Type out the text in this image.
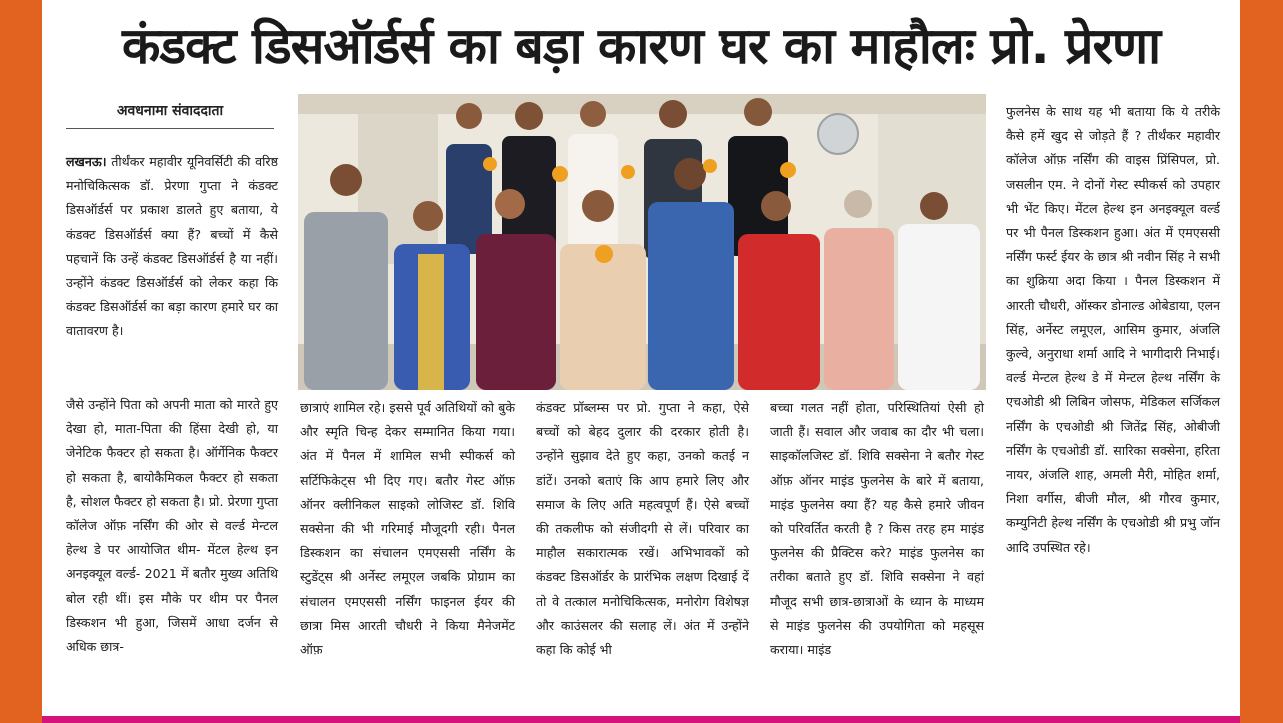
कंडक्ट डिसऑर्डर्स का बड़ा कारण घर का माहौलः प्रो. प्रेरणा
अवधनामा संवाददाता

लखनऊ। तीर्थंकर महावीर यूनिवर्सिटी की वरिष्ठ मनोचिकित्सक डॉ. प्रेरणा गुप्ता ने कंडक्ट डिसऑर्डर्स पर प्रकाश डालते हुए बताया, ये कंडक्ट डिसऑर्डर्स क्या हैं? बच्चों में कैसे पहचानें कि उन्हें कंडक्ट डिसऑर्डर्स है या नहीं। उन्होंने कंडक्ट डिसऑर्डर्स को लेकर कहा कि कंडक्ट डिसऑर्डर्स का बड़ा कारण हमारे घर का वातावरण है।

जैसे उन्होंने पिता को अपनी माता को मारते हुए देखा हो, माता-पिता की हिंसा देखी हो, या जेनेटिक फैक्टर हो सकता है। ऑर्गेनिक फैक्टर हो सकता है, बायोकैमिकल फैक्टर हो सकता है, सोशल फैक्टर हो सकता है। प्रो. प्रेरणा गुप्ता कॉलेज ऑफ़ नर्सिंग की ओर से वर्ल्ड मेन्टल हेल्थ डे पर आयोजित थीम- मेंटल हेल्थ इन अनइक्यूल वर्ल्ड- 2021 में बतौर मुख्य अतिथि बोल रही थीं। इस मौके पर थीम पर पैनल डिस्कशन भी हुआ, जिसमें आधा दर्जन से अधिक छात्र-

छात्राएं शामिल रहे। इससे पूर्व अतिथियों को बुके और स्मृति चिन्ह देकर सम्मानित किया गया। अंत में पैनल में शामिल सभी स्पीकर्स को सर्टिफिकेट्स भी दिए गए। बतौर गेस्ट ऑफ़ ऑनर क्लीनिकल साइको लोजिस्ट डॉ. शिवि सक्सेना की भी गरिमाई मौजूदगी रही। पैनल डिस्कशन का संचालन एमएससी नर्सिंग के स्टुडेंट्स श्री अर्नेस्ट लमूएल जबकि प्रोग्राम का संचालन एमएससी नर्सिंग फाइनल ईयर की छात्रा मिस आरती चौधरी ने किया मैनेजमेंट ऑफ़

कंडक्ट प्रॉब्लम्स पर प्रो. गुप्ता ने कहा, ऐसे बच्चों को बेहद दुलार की दरकार होती है। उन्होंने सुझाव देते हुए कहा, उनको कतई न डांटें। उनको बताएं कि आप हमारे लिए और समाज के लिए अति महत्वपूर्ण हैं। ऐसे बच्चों की तकलीफ को संजीदगी से लें। परिवार का माहौल सकारात्मक रखें। अभिभावकों को कंडक्ट डिसऑर्डर के प्रारंभिक लक्षण दिखाई दें तो वे तत्काल मनोचिकित्सक, मनोरोग विशेषज्ञ और काउंसलर की सलाह लें। अंत में उन्होंने कहा कि कोई भी

बच्चा गलत नहीं होता, परिस्थितियां ऐसी हो जाती हैं। सवाल और जवाब का दौर भी चला। साइकॉलजिस्ट डॉ. शिवि सक्सेना ने बतौर गेस्ट ऑफ़ ऑनर माइंड फुलनेस के बारे में बताया, माइंड फुलनेस क्या हैं? यह कैसे हमारे जीवन को परिवर्तित करती है ? किस तरह हम माइंड फुलनेस की प्रैक्टिस करे? माइंड फुलनेस का तरीका बताते हुए डॉ. शिवि सक्सेना ने वहां मौजूद सभी छात्र-छात्राओं के ध्यान के माध्यम से माइंड फुलनेस की उपयोगिता को महसूस कराया। माइंड

फुलनेस के साथ यह भी बताया कि ये तरीके कैसे हमें खुद से जोड़ते हैं ? तीर्थंकर महावीर कॉलेज ऑफ़ नर्सिंग की वाइस प्रिंसिपल, प्रो. जसलीन एम. ने दोनों गेस्ट स्पीकर्स को उपहार भी भेंट किए। मेंटल हेल्थ इन अनइक्यूल वर्ल्ड पर भी पैनल डिस्कशन हुआ। अंत में एमएससी नर्सिंग फर्स्ट ईयर के छात्र श्री नवीन सिंह ने सभी का शुक्रिया अदा किया । पैनल डिस्कशन में आरती चौधरी, ऑस्कर डोनाल्ड ओबेडाया, एलन सिंह, अर्नेस्ट लमूएल, आसिम कुमार, अंजलि कुल्वे, अनुराधा शर्मा आदि ने भागीदारी निभाई। वर्ल्ड मेन्टल हेल्थ डे में मेन्टल हेल्थ नर्सिंग के एचओडी श्री लिबिन जोसफ, मेडिकल सर्जिकल नर्सिंग के एचओडी श्री जितेंद्र सिंह, ओबीजी नर्सिंग के एचओडी डॉ. सारिका सक्सेना, हरिता नायर, अंजलि शाह, अमली मैरी, मोहित शर्मा, निशा वर्गीस, बीजी मौल, श्री गौरव कुमार, कम्युनिटी हेल्थ नर्सिंग के एचओडी श्री प्रभु जॉन आदि उपस्थित रहे।
